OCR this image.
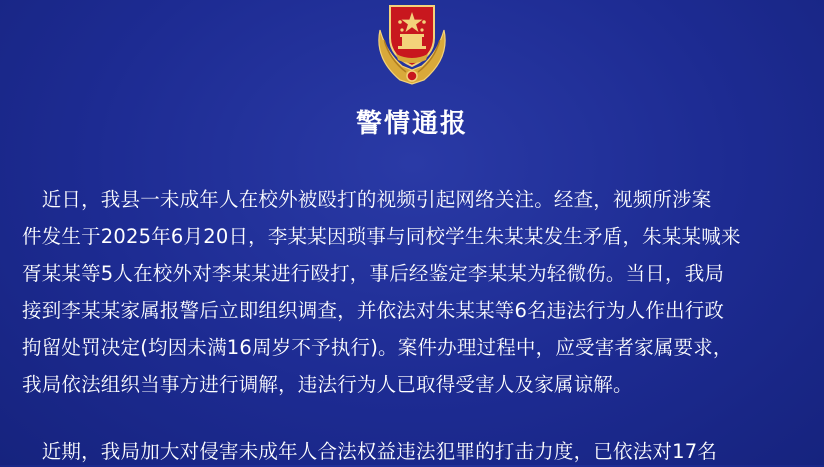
警情通报
　近日，我县一未成年人在校外被殴打的视频引起网络关注。经查，视频所涉案
件发生于2025年6月20日，李某某因琐事与同校学生朱某某发生矛盾，朱某某喊来
胥某某等5人在校外对李某某进行殴打，事后经鉴定李某某为轻微伤。当日，我局
接到李某某家属报警后立即组织调查，并依法对朱某某等6名违法行为人作出行政
拘留处罚决定(均因未满16周岁不予执行)。案件办理过程中，应受害者家属要求，
我局依法组织当事方进行调解，违法行为人已取得受害人及家属谅解。
　近期，我局加大对侵害未成年人合法权益违法犯罪的打击力度，已依法对17名
